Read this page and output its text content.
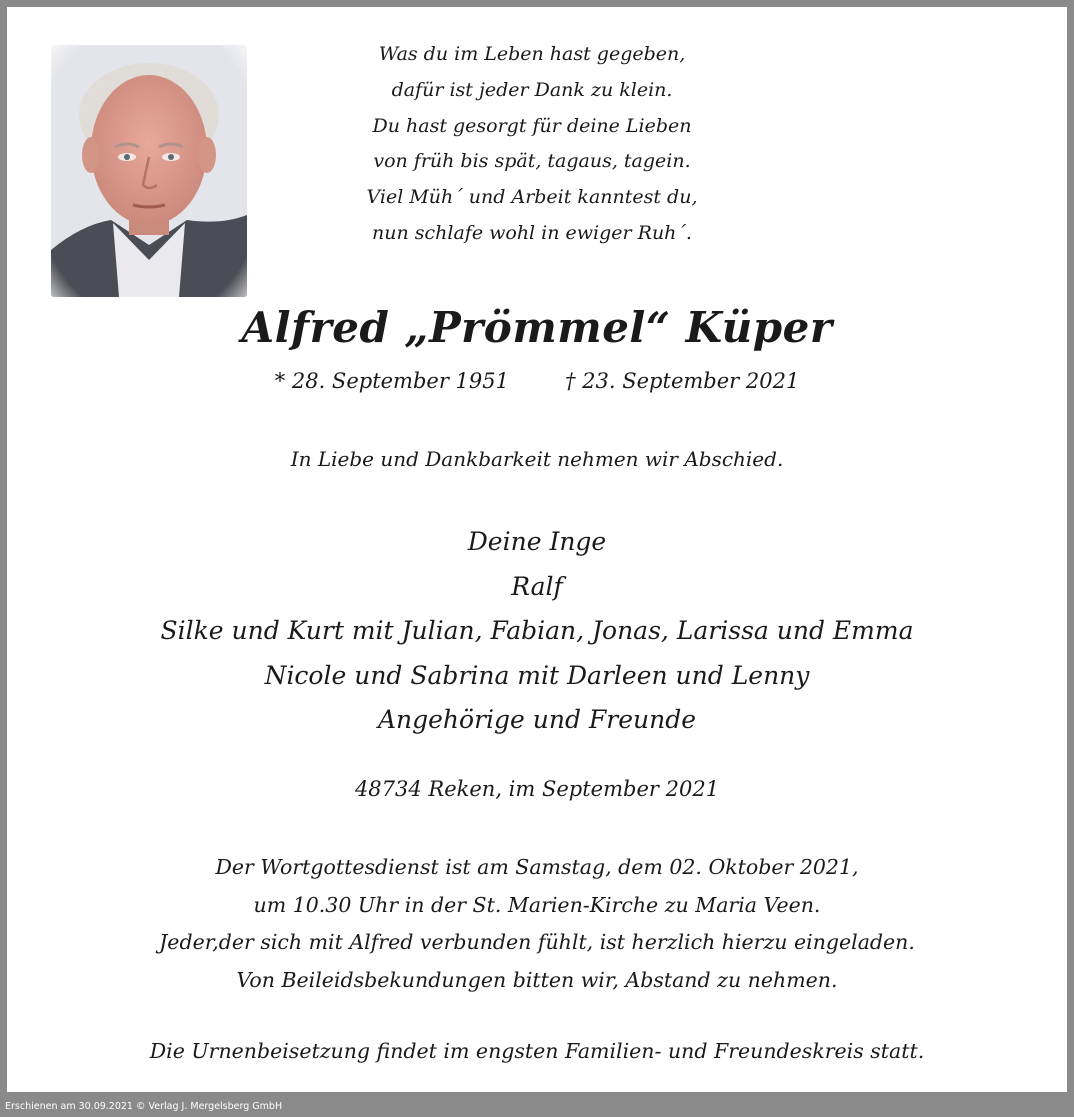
Was du im Leben hast gegeben,
dafür ist jeder Dank zu klein.
Du hast gesorgt für deine Lieben
von früh bis spät, tagaus, tagein.
Viel Müh´ und Arbeit kanntest du,
nun schlafe wohl in ewiger Ruh´.
Alfred „Prömmel“ Küper
* 28. September 1951	† 23. September 2021
In Liebe und Dankbarkeit nehmen wir Abschied.
Deine Inge
Ralf
Silke und Kurt mit Julian, Fabian, Jonas, Larissa und Emma
Nicole und Sabrina mit Darleen und Lenny
Angehörige und Freunde
48734 Reken, im September 2021
Der Wortgottesdienst ist am Samstag, dem 02. Oktober 2021,
um 10.30 Uhr in der St. Marien-Kirche zu Maria Veen.
Jeder,der sich mit Alfred verbunden fühlt, ist herzlich hierzu eingeladen.
Von Beileidsbekundungen bitten wir, Abstand zu nehmen.
Die Urnenbeisetzung findet im engsten Familien- und Freundeskreis statt.
Erschienen am 30.09.2021 © Verlag J. Mergelsberg GmbH
